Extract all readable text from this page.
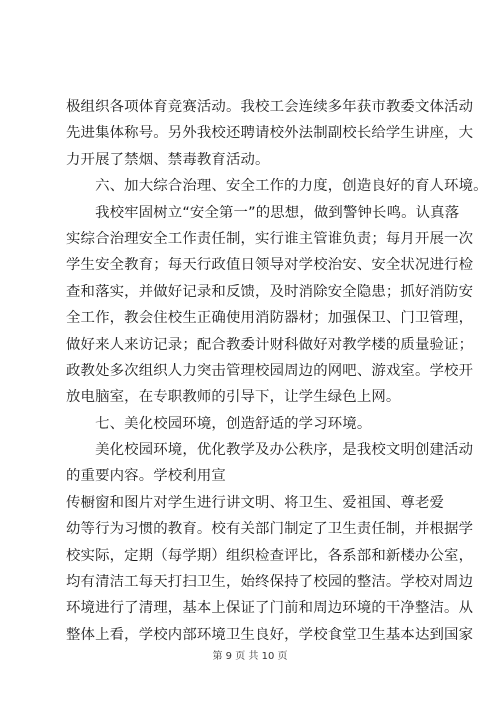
极组织各项体育竞赛活动。我校工会连续多年获市教委文体活动
先进集体称号。另外我校还聘请校外法制副校长给学生讲座，大
力开展了禁烟、禁毒教育活动。
　　六、加大综合治理、安全工作的力度，创造良好的育人环境。
　　我校牢固树立“安全第一”的思想，做到警钟长鸣。认真落
实综合治理安全工作责任制，实行谁主管谁负责；每月开展一次
学生安全教育；每天行政值日领导对学校治安、安全状况进行检
查和落实，并做好记录和反馈，及时消除安全隐患；抓好消防安
全工作，教会住校生正确使用消防器材；加强保卫、门卫管理，
做好来人来访记录；配合教委计财科做好对教学楼的质量验证；
政教处多次组织人力突击管理校园周边的网吧、游戏室。学校开
放电脑室，在专职教师的引导下，让学生绿色上网。
　　七、美化校园环境，创造舒适的学习环境。
　　美化校园环境，优化教学及办公秩序，是我校文明创建活动
的重要内容。学校利用宣
传橱窗和图片对学生进行讲文明、将卫生、爱祖国、尊老爱
幼等行为习惯的教育。校有关部门制定了卫生责任制，并根据学
校实际，定期（每学期）组织检查评比，各系部和新楼办公室，
均有清洁工每天打扫卫生，始终保持了校园的整洁。学校对周边
环境进行了清理，基本上保证了门前和周边环境的干净整洁。从
整体上看，学校内部环境卫生良好，学校食堂卫生基本达到国家
第 9 页 共 10 页
